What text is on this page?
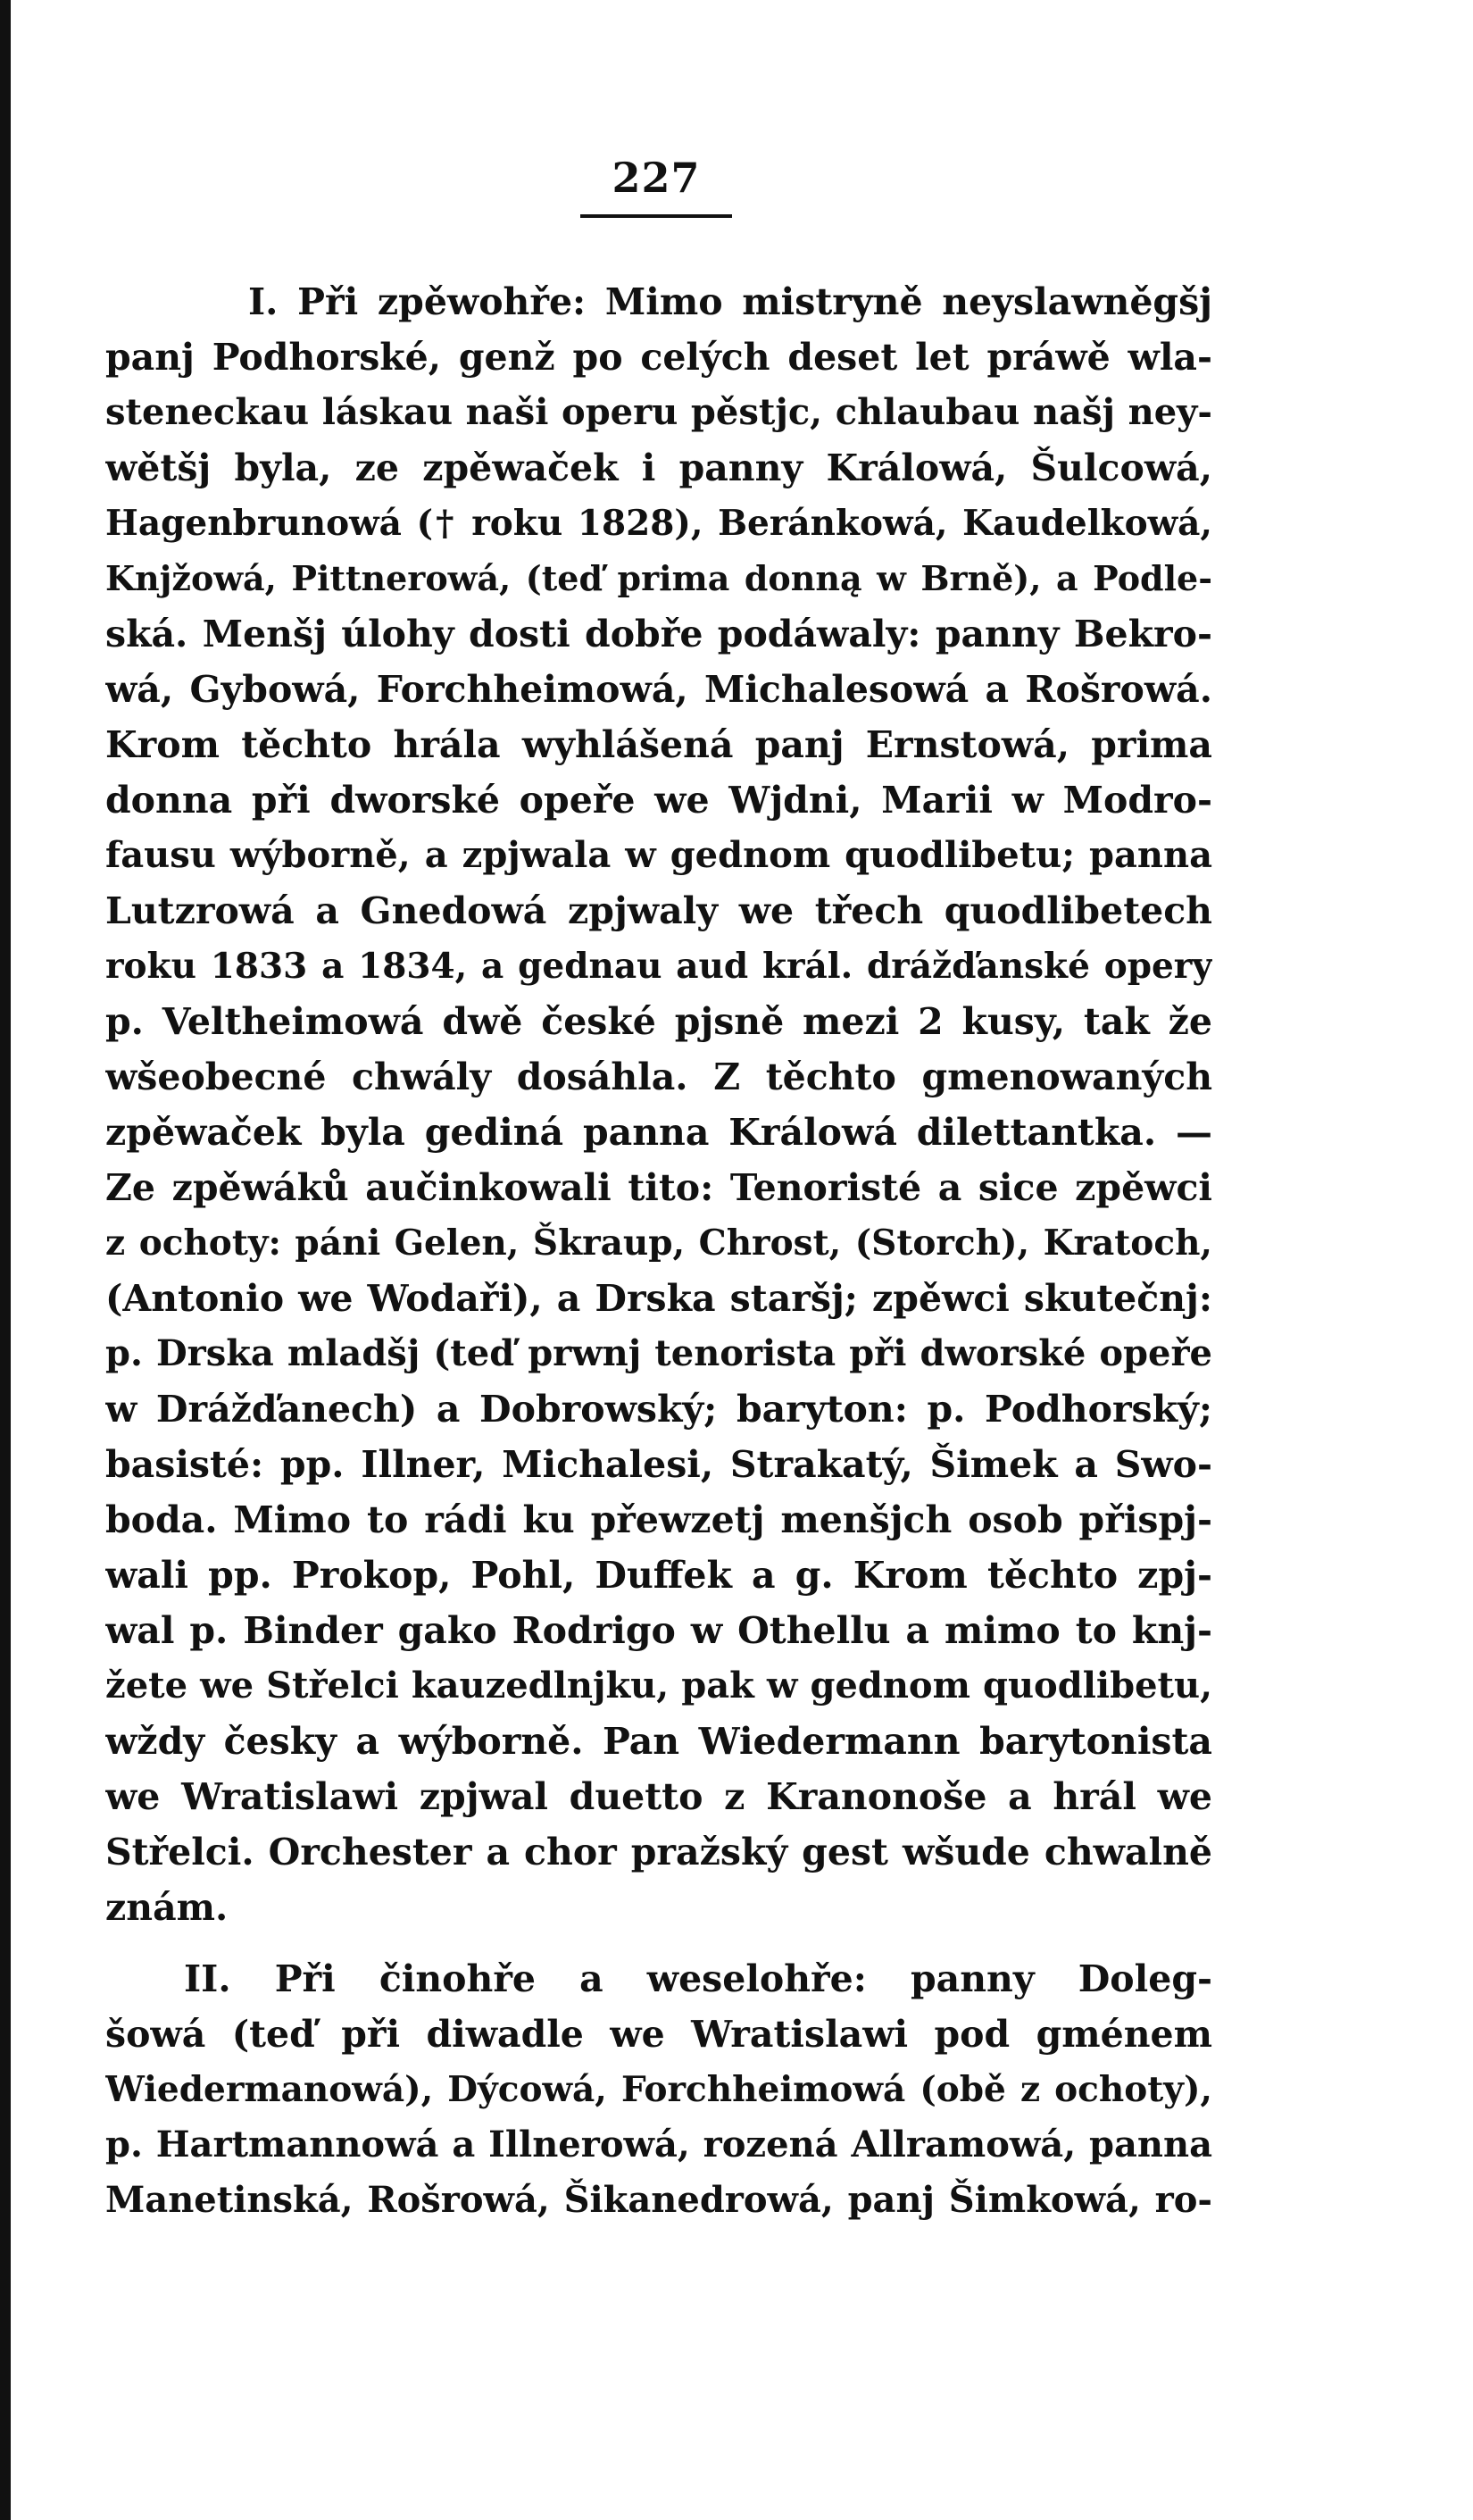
227
I. Při zpěwohře: Mimo mistryně neyslawněgšj
panj Podhorské, genž po celých deset let práwě wla-
steneckau láskau naši operu pěstjc, chlaubau našj ney-
wětšj byla, ze zpěwaček i panny Králowá, Šulcowá,
Hagenbrunowá († roku 1828), Beránkowá, Kaudelkowá,
Knjžowá, Pittnerowá, (teď prima donną w Brně), a Podle-
ská. Menšj úlohy dosti dobře podáwaly: panny Bekro-
wá, Gybowá, Forchheimowá, Michalesowá a Rošrowá.
Krom těchto hrála wyhlášená panj Ernstowá, prima
donna při dworské opeře we Wjdni, Marii w Modro-
fausu wýborně, a zpjwala w gednom quodlibetu; panna
Lutzrowá a Gnedowá zpjwaly we třech quodlibetech
roku 1833 a 1834, a gednau aud král. drážďanské opery
p. Veltheimowá dwě české pjsně mezi 2 kusy, tak že
wšeobecné chwály dosáhla. Z těchto gmenowaných
zpěwaček byla gediná panna Králowá dilettantka. —
Ze zpěwáků aučinkowali tito: Tenoristé a sice zpěwci
z ochoty: páni Gelen, Škraup, Chrost, (Storch), Kratoch,
(Antonio we Wodaři), a Drska staršj; zpěwci skutečnj:
p. Drska mladšj (teď prwnj tenorista při dworské opeře
w Drážďanech) a Dobrowský; baryton: p. Podhorský;
basisté: pp. Illner, Michalesi, Strakatý, Šimek a Swo-
boda. Mimo to rádi ku přewzetj menšjch osob přispj-
wali pp. Prokop, Pohl, Duffek a g. Krom těchto zpj-
wal p. Binder gako Rodrigo w Othellu a mimo to knj-
žete we Střelci kauzedlnjku, pak w gednom quodlibetu,
wždy česky a wýborně. Pan Wiedermann barytonista
we Wratislawi zpjwal duetto z Kranonoše a hrál we
Střelci. Orchester a chor pražský gest wšude chwalně
znám.
II. Při činohře a weselohře: panny Doleg-
šowá (teď při diwadle we Wratislawi pod gménem
Wiedermanowá), Dýcowá, Forchheimowá (obě z ochoty),
p. Hartmannowá a Illnerowá, rozená Allramowá, panna
Manetinská, Rošrowá, Šikanedrowá, panj Šimkowá, ro-
